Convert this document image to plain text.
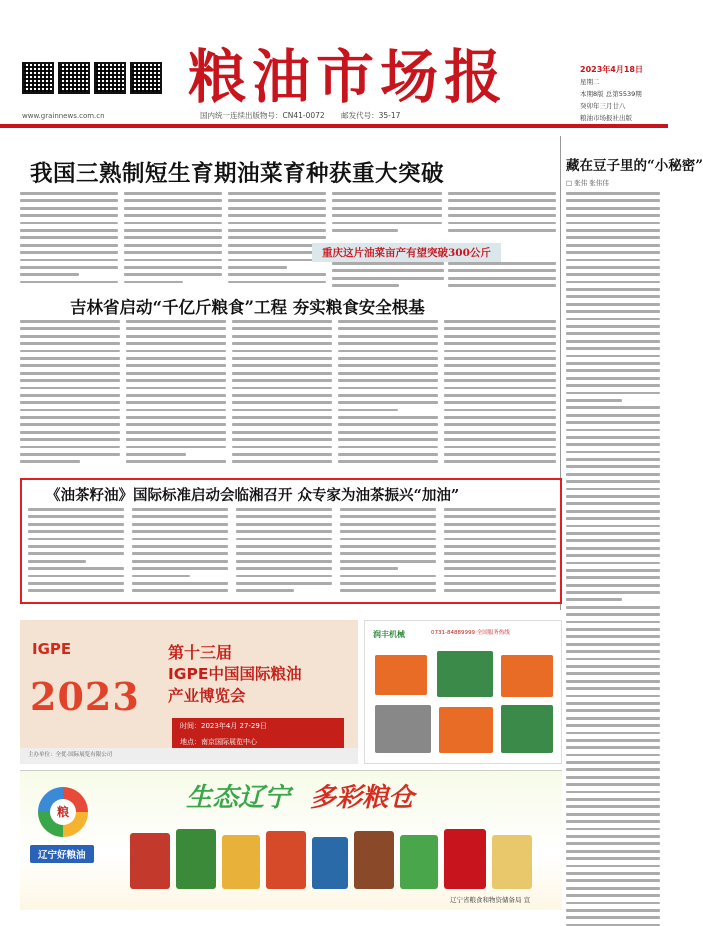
粮油市场报
www.grainnews.com.cn	国内统一连续出版物号：CN41-0072 邮发代号：35-17
2023年4月18日
星期二
本期8版 总第5539期
癸卯年三月廿八
粮油市场报社出版
我国三熟制短生育期油菜育种获重大突破
重庆这片油菜亩产有望突破300公斤
吉林省启动“千亿斤粮食”工程 夯实粮食安全根基
《油茶籽油》国际标准启动会临湘召开 众专家为油茶振兴“加油”
藏在豆子里的“小秘密”
□ 张伟 张伟伟
IGPE
2023
第十三届
IGPE中国国际粮油
产业博览会
时间：2023年4月 27-29日
地点：南京国际展览中心
主办单位：全优·国际展览有限公司
润丰机械	0731-84889999 全国服务热线
粮
辽宁好粮油
生态辽宁 多彩粮仓
辽宁省粮食和物资储备局 宣
